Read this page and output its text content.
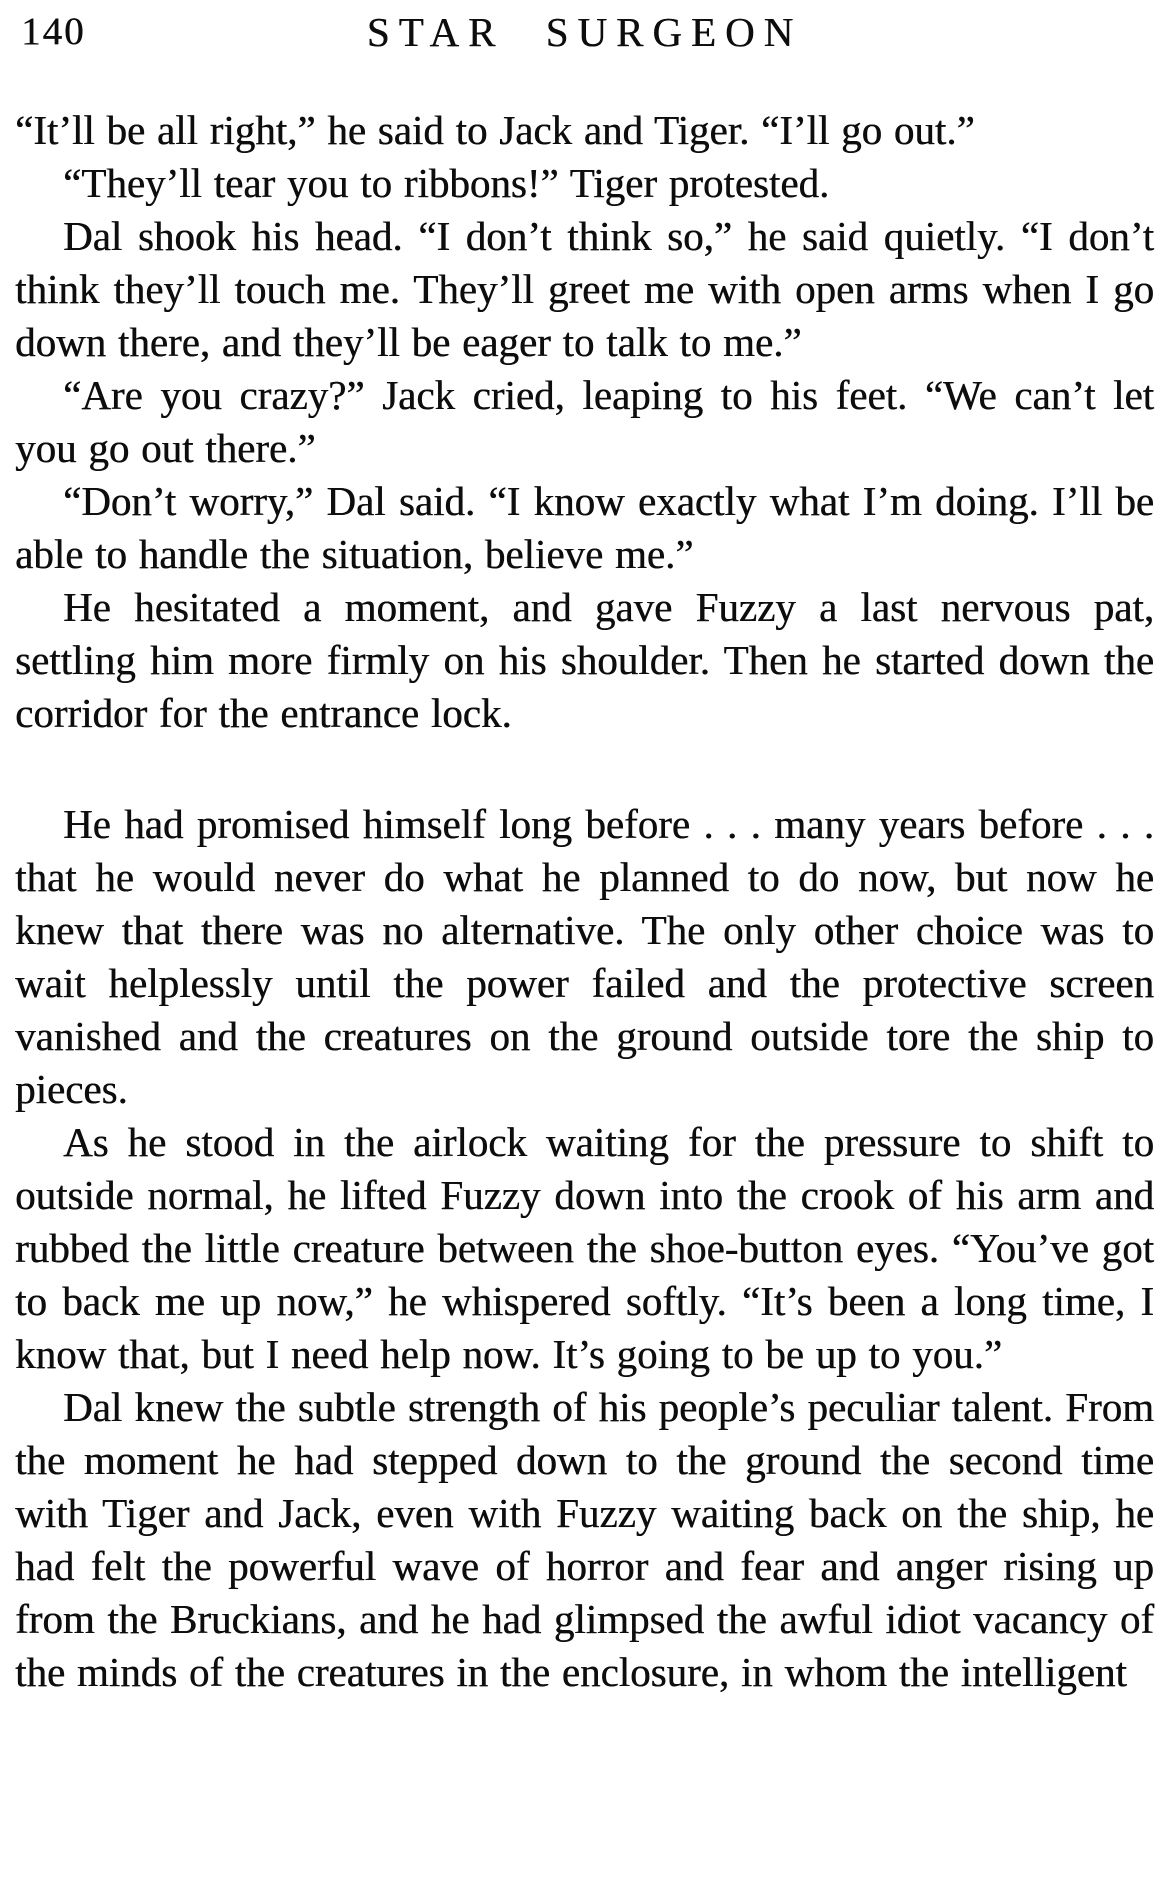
140	STAR SURGEON

“It’ll be all right,” he said to Jack and Tiger. “I’ll go out.”

“They’ll tear you to ribbons!” Tiger protested.

Dal shook his head. “I don’t think so,” he said quietly. “I don’t think they’ll touch me. They’ll greet me with open arms when I go down there, and they’ll be eager to talk to me.”

“Are you crazy?” Jack cried, leaping to his feet. “We can’t let you go out there.”

“Don’t worry,” Dal said. “I know exactly what I’m doing. I’ll be able to handle the situation, believe me.”

He hesitated a moment, and gave Fuzzy a last nervous pat, settling him more firmly on his shoulder. Then he started down the corridor for the entrance lock.

He had promised himself long before . . . many years before . . . that he would never do what he planned to do now, but now he knew that there was no alternative. The only other choice was to wait helplessly until the power failed and the protective screen vanished and the creatures on the ground outside tore the ship to pieces.

As he stood in the airlock waiting for the pressure to shift to outside normal, he lifted Fuzzy down into the crook of his arm and rubbed the little creature between the shoe-button eyes. “You’ve got to back me up now,” he whispered softly. “It’s been a long time, I know that, but I need help now. It’s going to be up to you.”

Dal knew the subtle strength of his people’s peculiar talent. From the moment he had stepped down to the ground the second time with Tiger and Jack, even with Fuzzy waiting back on the ship, he had felt the powerful wave of horror and fear and anger rising up from the Bruckians, and he had glimpsed the awful idiot vacancy of the minds of the creatures in the enclosure, in whom the intelligent
